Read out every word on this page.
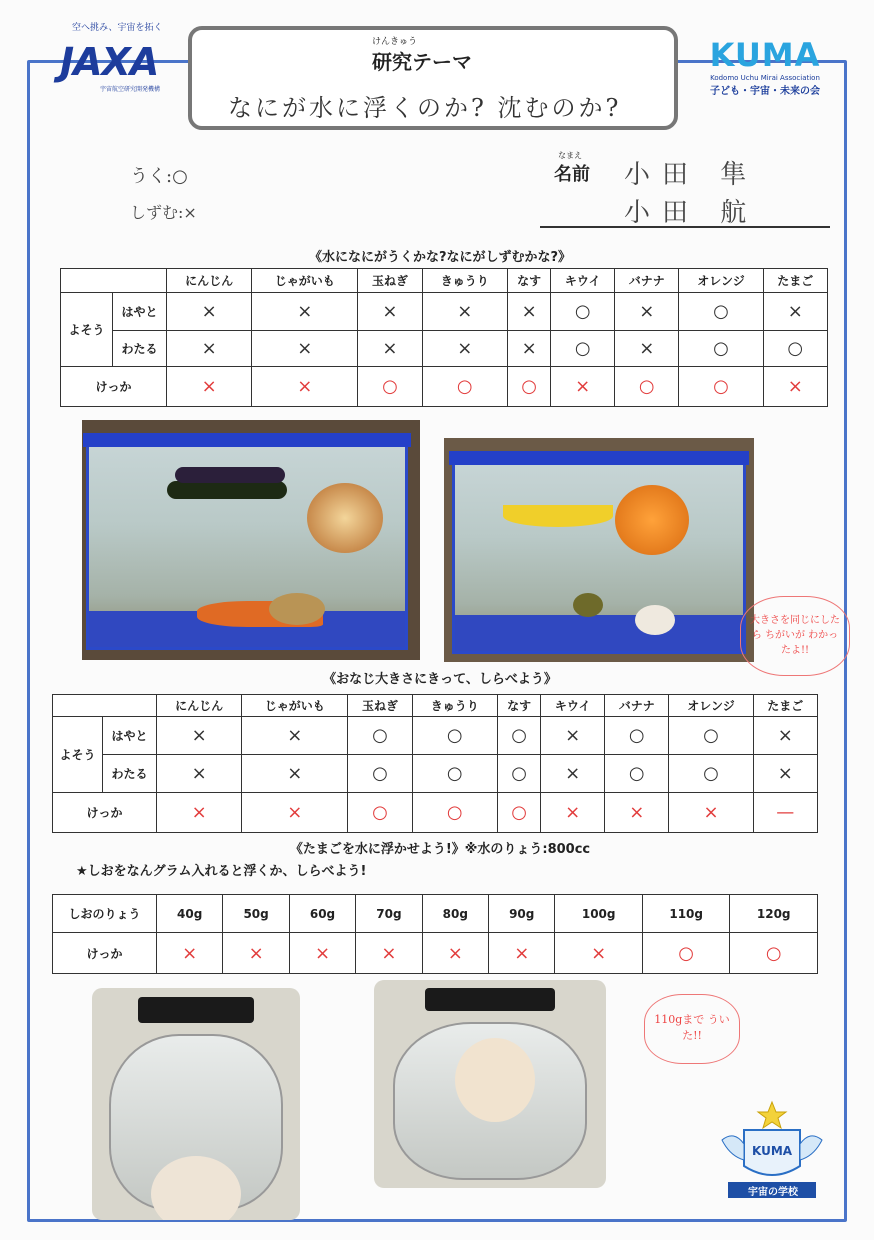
空へ挑み、宇宙を拓く
JAXA
宇宙航空研究開発機構
KUMA
Kodomo Uchu Mirai Association
子ども・宇宙・未来の会
けんきゅう
研究テーマ
なにが水に浮くのか? 沈むのか?
うく:○
しずむ:×
なまえ
名前 小田 隼
小田 航
《水になにがうくかな?なにがしずむかな?》
		にんじん	じゃがいも	玉ねぎ	きゅうり	なす	キウイ	バナナ	オレンジ	たまご
よそう	はやと	×	×	×	×	×	○	×	○	×
	わたる	×	×	×	×	×	○	×	○	○
けっか		×	×	○	○	○	×	○	○	×
大きさを同じにしたら ちがいが わかったよ!!
《おなじ大きさにきって、しらべよう》
		にんじん	じゃがいも	玉ねぎ	きゅうり	なす	キウイ	バナナ	オレンジ	たまご
よそう	はやと	×	×	○	○	○	×	○	○	×
	わたる	×	×	○	○	○	×	○	○	×
けっか		×	×	○	○	○	×	×	×	—
《たまごを水に浮かせよう!》※水のりょう:800cc
★しおをなんグラム入れると浮くか、しらべよう!
しおのりょう	40g	50g	60g	70g	80g	90g	100g	110g	120g
けっか	×	×	×	×	×	×	×	○	○
110gまで ういた!!
KUMA
宇宙の学校
